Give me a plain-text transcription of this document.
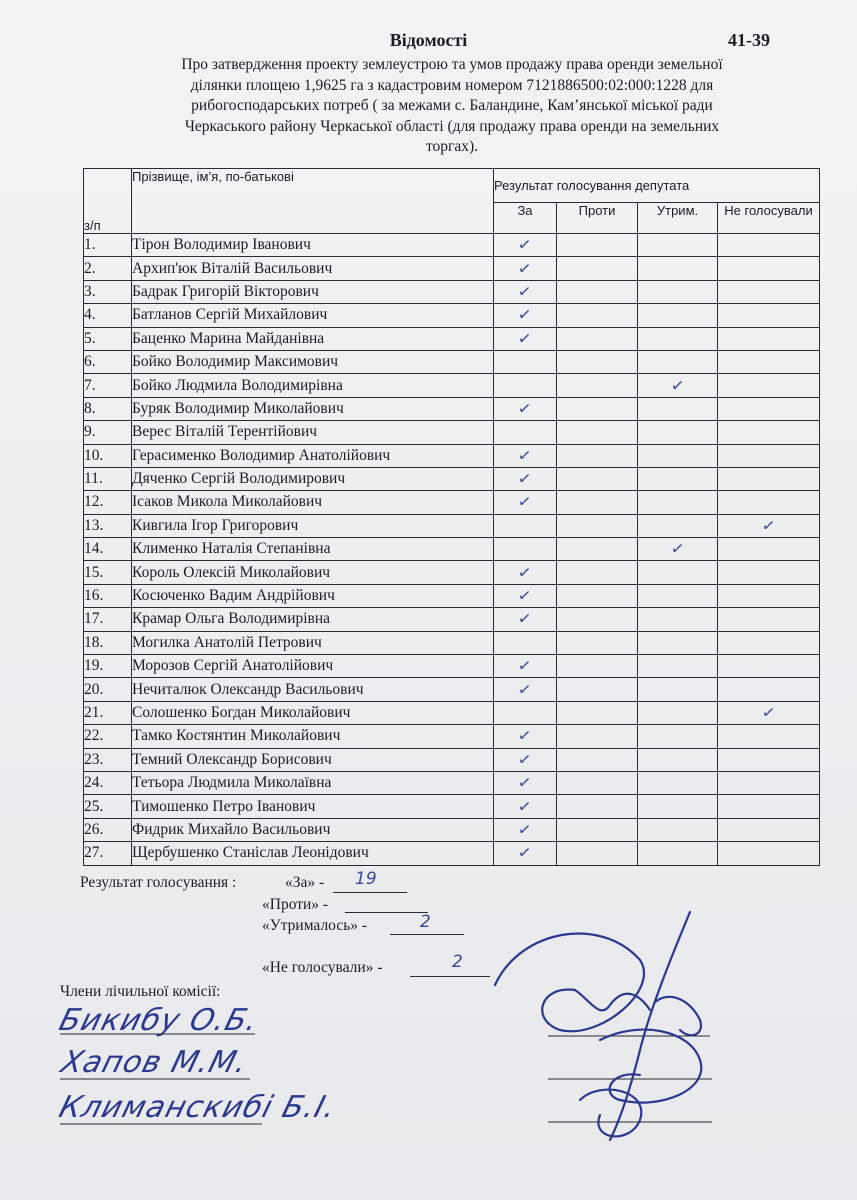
Відомості	41-39
Про затвердження проекту землеустрою та умов продажу права оренди земельної
ділянки площею 1,9625 га з кадастровим номером 7121886500:02:000:1228 для
рибогосподарських потреб ( за межами с. Баландине, Кам’янської міської ради
Черкаського району Черкаської області (для продажу права оренди на земельних
торгах).
з/п	Прізвище, ім’я, по-батькові	Результат голосування депутата			
		За	Проти	Утрим.	Не голосували
1.	Тірон Володимир Іванович	✓			
2.	Архип'юк Віталій Васильович	✓			
3.	Бадрак Григорій Вікторович	✓			
4.	Батланов Сергій Михайлович	✓			
5.	Баценко Марина Майданівна	✓			
6.	Бойко Володимир Максимович				
7.	Бойко Людмила Володимирівна			✓	
8.	Буряк Володимир Миколайович	✓			
9.	Верес Віталій Терентійович				
10.	Герасименко Володимир Анатолійович	✓			
11.	Дяченко Сергій Володимирович	✓			
12.	Ісаков Микола Миколайович	✓			
13.	Кивгила Ігор Григорович				✓
14.	Клименко Наталія Степанівна			✓	
15.	Король Олексій Миколайович	✓			
16.	Косюченко Вадим Андрійович	✓			
17.	Крамар Ольга Володимирівна	✓			
18.	Могилка Анатолій Петрович				
19.	Морозов Сергій Анатолійович	✓			
20.	Нечиталюк Олександр Васильович	✓			
21.	Солошенко Богдан Миколайович				✓
22.	Тамко Костянтин Миколайович	✓			
23.	Темний Олександр Борисович	✓			
24.	Тетьора Людмила Миколаївна	✓			
25.	Тимошенко Петро Іванович	✓			
26.	Фидрик Михайло Васильович	✓			
27.	Щербушенко Станіслав Леонідович	✓			
Результат голосування :	«За» - 19
«Проти» -
«Утрималось» -	2
«Не голосували» -	2
Члени лічильної комісії:
Бикибу О.Б.
Хапов М.М.
Климанскибі Б.І.
